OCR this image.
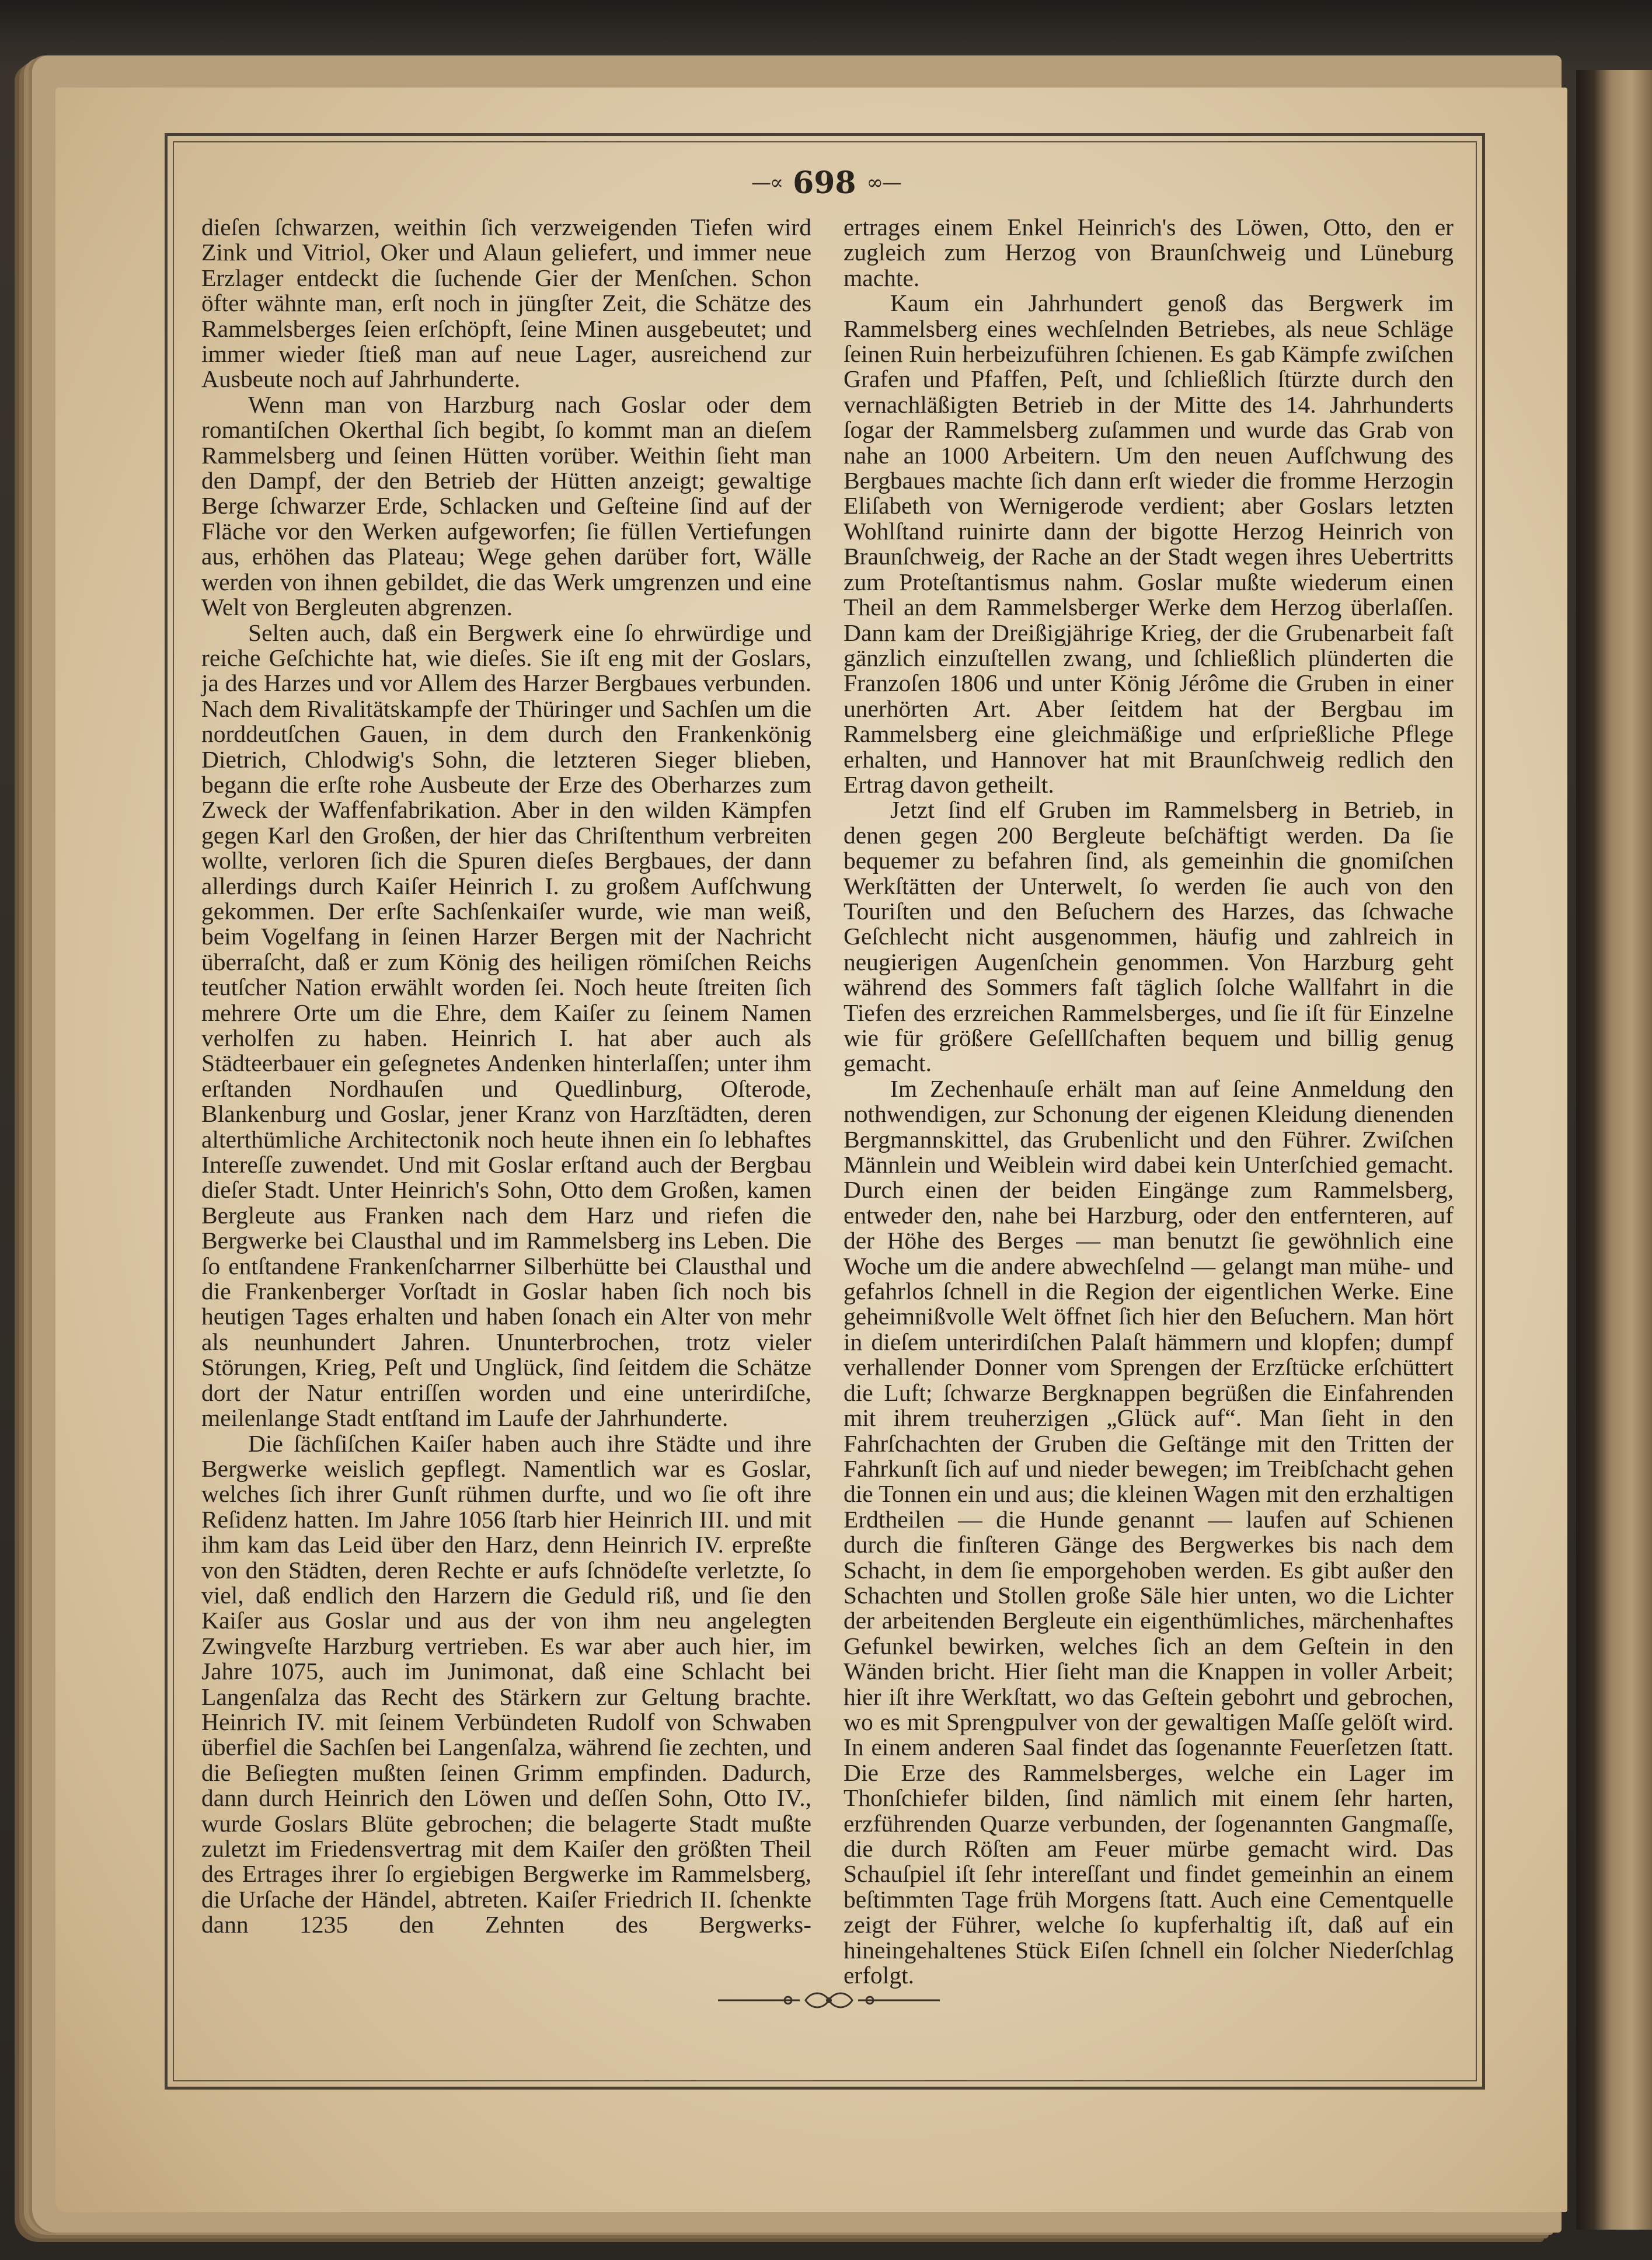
—∝ 698 ∞—

dieſen ſchwarzen, weithin ſich verzweigenden Tiefen wird Zink und Vitriol, Oker und Alaun geliefert, und immer neue Erzlager entdeckt die ſuchende Gier der Menſchen. Schon öfter wähnte man, erſt noch in jüngſter Zeit, die Schätze des Rammelsberges ſeien erſchöpft, ſeine Minen ausgebeutet; und immer wieder ſtieß man auf neue Lager, ausreichend zur Ausbeute noch auf Jahrhunderte.

Wenn man von Harzburg nach Goslar oder dem romantiſchen Okerthal ſich begibt, ſo kommt man an dieſem Rammelsberg und ſeinen Hütten vorüber. Weithin ſieht man den Dampf, der den Betrieb der Hütten anzeigt; gewaltige Berge ſchwarzer Erde, Schlacken und Geſteine ſind auf der Fläche vor den Werken aufgeworfen; ſie füllen Vertiefungen aus, erhöhen das Plateau; Wege gehen darüber fort, Wälle werden von ihnen gebildet, die das Werk umgrenzen und eine Welt von Bergleuten abgrenzen.

Selten auch, daß ein Bergwerk eine ſo ehrwürdige und reiche Geſchichte hat, wie dieſes. Sie iſt eng mit der Goslars, ja des Harzes und vor Allem des Harzer Bergbaues verbunden. Nach dem Rivalitätskampfe der Thüringer und Sachſen um die norddeutſchen Gauen, in dem durch den Frankenkönig Dietrich, Chlodwig's Sohn, die letzteren Sieger blieben, begann die erſte rohe Ausbeute der Erze des Oberharzes zum Zweck der Waffenfabrikation. Aber in den wilden Kämpfen gegen Karl den Großen, der hier das Chriſtenthum verbreiten wollte, verloren ſich die Spuren dieſes Bergbaues, der dann allerdings durch Kaiſer Heinrich I. zu großem Aufſchwung gekommen. Der erſte Sachſenkaiſer wurde, wie man weiß, beim Vogelfang in ſeinen Harzer Bergen mit der Nachricht überraſcht, daß er zum König des heiligen römiſchen Reichs teutſcher Nation erwählt worden ſei. Noch heute ſtreiten ſich mehrere Orte um die Ehre, dem Kaiſer zu ſeinem Namen verholfen zu haben. Heinrich I. hat aber auch als Städteerbauer ein geſegnetes Andenken hinterlaſſen; unter ihm erſtanden Nordhauſen und Quedlinburg, Oſterode, Blankenburg und Goslar, jener Kranz von Harzſtädten, deren alterthümliche Architectonik noch heute ihnen ein ſo lebhaftes Intereſſe zuwendet. Und mit Goslar erſtand auch der Bergbau dieſer Stadt. Unter Heinrich's Sohn, Otto dem Großen, kamen Bergleute aus Franken nach dem Harz und riefen die Bergwerke bei Clausthal und im Rammelsberg ins Leben. Die ſo entſtandene Frankenſcharrner Silberhütte bei Clausthal und die Frankenberger Vorſtadt in Goslar haben ſich noch bis heutigen Tages erhalten und haben ſonach ein Alter von mehr als neunhundert Jahren. Ununterbrochen, trotz vieler Störungen, Krieg, Peſt und Unglück, ſind ſeitdem die Schätze dort der Natur entriſſen worden und eine unterirdiſche, meilenlange Stadt entſtand im Laufe der Jahrhunderte.

Die ſächſiſchen Kaiſer haben auch ihre Städte und ihre Bergwerke weislich gepflegt. Namentlich war es Goslar, welches ſich ihrer Gunſt rühmen durfte, und wo ſie oft ihre Reſidenz hatten. Im Jahre 1056 ſtarb hier Heinrich III. und mit ihm kam das Leid über den Harz, denn Heinrich IV. erpreßte von den Städten, deren Rechte er aufs ſchnödeſte verletzte, ſo viel, daß endlich den Harzern die Geduld riß, und ſie den Kaiſer aus Goslar und aus der von ihm neu angelegten Zwingveſte Harzburg vertrieben. Es war aber auch hier, im Jahre 1075, auch im Junimonat, daß eine Schlacht bei Langenſalza das Recht des Stärkern zur Geltung brachte. Heinrich IV. mit ſeinem Verbündeten Rudolf von Schwaben überfiel die Sachſen bei Langenſalza, während ſie zechten, und die Beſiegten mußten ſeinen Grimm empfinden. Dadurch, dann durch Heinrich den Löwen und deſſen Sohn, Otto IV., wurde Goslars Blüte gebrochen; die belagerte Stadt mußte zuletzt im Friedensvertrag mit dem Kaiſer den größten Theil des Ertrages ihrer ſo ergiebigen Bergwerke im Rammelsberg, die Urſache der Händel, abtreten. Kaiſer Friedrich II. ſchenkte dann 1235 den Zehnten des Bergwerks-

ertrages einem Enkel Heinrich's des Löwen, Otto, den er zugleich zum Herzog von Braunſchweig und Lüneburg machte.

Kaum ein Jahrhundert genoß das Bergwerk im Rammelsberg eines wechſelnden Betriebes, als neue Schläge ſeinen Ruin herbeizuführen ſchienen. Es gab Kämpfe zwiſchen Grafen und Pfaffen, Peſt, und ſchließlich ſtürzte durch den vernachläßigten Betrieb in der Mitte des 14. Jahrhunderts ſogar der Rammelsberg zuſammen und wurde das Grab von nahe an 1000 Arbeitern. Um den neuen Aufſchwung des Bergbaues machte ſich dann erſt wieder die fromme Herzogin Eliſabeth von Wernigerode verdient; aber Goslars letzten Wohlſtand ruinirte dann der bigotte Herzog Heinrich von Braunſchweig, der Rache an der Stadt wegen ihres Uebertritts zum Proteſtantismus nahm. Goslar mußte wiederum einen Theil an dem Rammelsberger Werke dem Herzog überlaſſen. Dann kam der Dreißigjährige Krieg, der die Grubenarbeit faſt gänzlich einzuſtellen zwang, und ſchließlich plünderten die Franzoſen 1806 und unter König Jérôme die Gruben in einer unerhörten Art. Aber ſeitdem hat der Bergbau im Rammelsberg eine gleichmäßige und erſprießliche Pflege erhalten, und Hannover hat mit Braunſchweig redlich den Ertrag davon getheilt.

Jetzt ſind elf Gruben im Rammelsberg in Betrieb, in denen gegen 200 Bergleute beſchäftigt werden. Da ſie bequemer zu befahren ſind, als gemeinhin die gnomiſchen Werkſtätten der Unterwelt, ſo werden ſie auch von den Touriſten und den Beſuchern des Harzes, das ſchwache Geſchlecht nicht ausgenommen, häufig und zahlreich in neugierigen Augenſchein genommen. Von Harzburg geht während des Sommers faſt täglich ſolche Wallfahrt in die Tiefen des erzreichen Rammelsberges, und ſie iſt für Einzelne wie für größere Geſellſchaften bequem und billig genug gemacht.

Im Zechenhauſe erhält man auf ſeine Anmeldung den nothwendigen, zur Schonung der eigenen Kleidung dienenden Bergmannskittel, das Grubenlicht und den Führer. Zwiſchen Männlein und Weiblein wird dabei kein Unterſchied gemacht. Durch einen der beiden Eingänge zum Rammelsberg, entweder den, nahe bei Harzburg, oder den entfernteren, auf der Höhe des Berges — man benutzt ſie gewöhnlich eine Woche um die andere abwechſelnd — gelangt man mühe- und gefahrlos ſchnell in die Region der eigentlichen Werke. Eine geheimnißvolle Welt öffnet ſich hier den Beſuchern. Man hört in dieſem unterirdiſchen Palaſt hämmern und klopfen; dumpf verhallender Donner vom Sprengen der Erzſtücke erſchüttert die Luft; ſchwarze Bergknappen begrüßen die Einfahrenden mit ihrem treuherzigen „Glück auf“. Man ſieht in den Fahrſchachten der Gruben die Geſtänge mit den Tritten der Fahrkunſt ſich auf und nieder bewegen; im Treibſchacht gehen die Tonnen ein und aus; die kleinen Wagen mit den erzhaltigen Erdtheilen — die Hunde genannt — laufen auf Schienen durch die finſteren Gänge des Bergwerkes bis nach dem Schacht, in dem ſie emporgehoben werden. Es gibt außer den Schachten und Stollen große Säle hier unten, wo die Lichter der arbeitenden Bergleute ein eigenthümliches, märchenhaftes Gefunkel bewirken, welches ſich an dem Geſtein in den Wänden bricht. Hier ſieht man die Knappen in voller Arbeit; hier iſt ihre Werkſtatt, wo das Geſtein gebohrt und gebrochen, wo es mit Sprengpulver von der gewaltigen Maſſe gelöſt wird. In einem anderen Saal findet das ſogenannte Feuerſetzen ſtatt. Die Erze des Rammelsberges, welche ein Lager im Thonſchiefer bilden, ſind nämlich mit einem ſehr harten, erzführenden Quarze verbunden, der ſogenannten Gangmaſſe, die durch Röſten am Feuer mürbe gemacht wird. Das Schauſpiel iſt ſehr intereſſant und findet gemeinhin an einem beſtimmten Tage früh Morgens ſtatt. Auch eine Cementquelle zeigt der Führer, welche ſo kupferhaltig iſt, daß auf ein hineingehaltenes Stück Eiſen ſchnell ein ſolcher Niederſchlag erfolgt.
